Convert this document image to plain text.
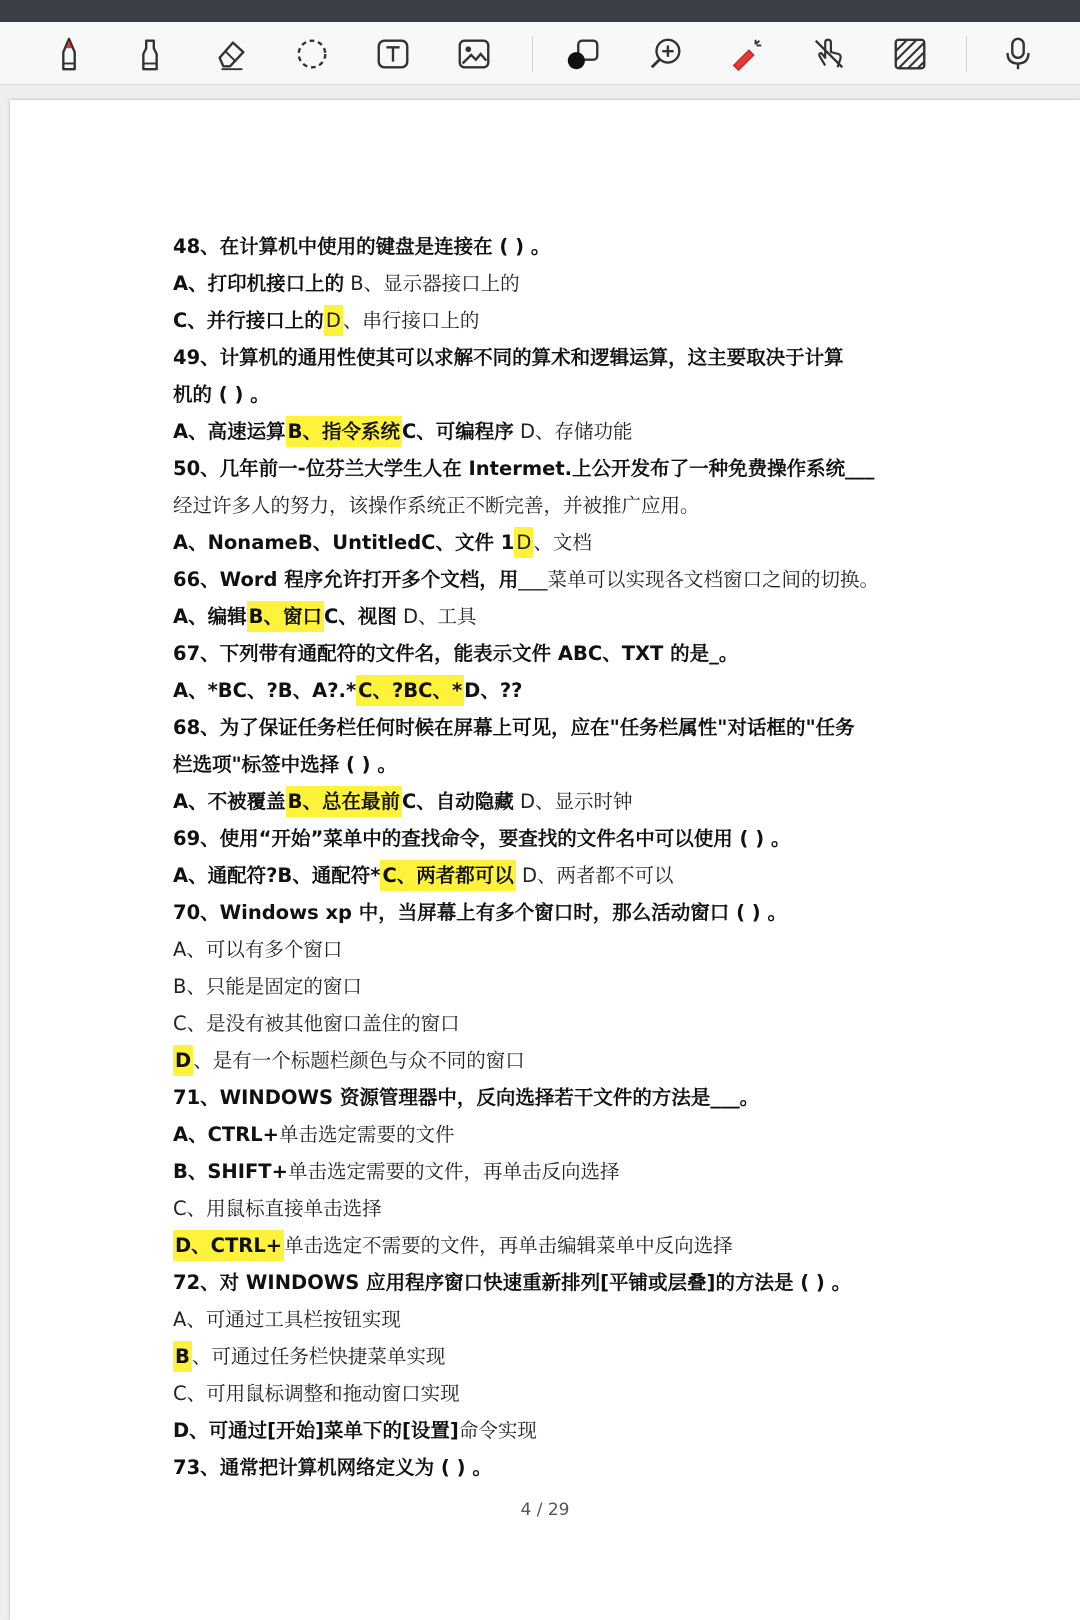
48、在计算机中使用的键盘是连接在 ( ) 。
A、打印机接口上的 B、显示器接口上的
C、并行接口上的 D 、串行接口上的
49、计算机的通用性使其可以求解不同的算术和逻辑运算，这主要取决于计算
机的 ( ) 。
A、高速运算 B、指令系统 C、可编程序 D、存储功能
50、几年前一-位芬兰大学生人在 Intermet.上公开发布了一种免费操作系统___
经过许多人的努力，该操作系统正不断完善，并被推广应用。
A、NonameB、UntitledC、文件 1 D 、文档
66、Word 程序允许打开多个文档，用___菜单可以实现各文档窗口之间的切换。
A、编辑 B、窗口 C、视图 D、工具
67、下列带有通配符的文件名，能表示文件 ABC、TXT 的是_。
A、*BC、?B、A?.* C、?BC、* D、??
68、为了保证任务栏任何时候在屏幕上可见，应在"任务栏属性"对话框的"任务
栏选项"标签中选择 ( ) 。
A、不被覆盖 B、总在最前 C、自动隐藏 D、显示时钟
69、使用“开始”菜单中的查找命令，要查找的文件名中可以使用 ( ) 。
A、通配符?B、通配符* C、两者都可以 D、两者都不可以
70、Windows xp 中，当屏幕上有多个窗口时，那么活动窗口 ( ) 。
A、可以有多个窗口
B、只能是固定的窗口
C、是没有被其他窗口盖住的窗口
D 、是有一个标题栏颜色与众不同的窗口
71、WINDOWS 资源管理器中，反向选择若干文件的方法是___。
A、CTRL+单击选定需要的文件
B、SHIFT+单击选定需要的文件，再单击反向选择
C、用鼠标直接单击选择
D、CTRL+ 单击选定不需要的文件，再单击编辑菜单中反向选择
72、对 WINDOWS 应用程序窗口快速重新排列[平铺或层叠]的方法是 ( ) 。
A、可通过工具栏按钮实现
B 、可通过任务栏快捷菜单实现
C、可用鼠标调整和拖动窗口实现
D、可通过[开始]菜单下的[设置]命令实现
73、通常把计算机网络定义为 ( ) 。
4 / 29
